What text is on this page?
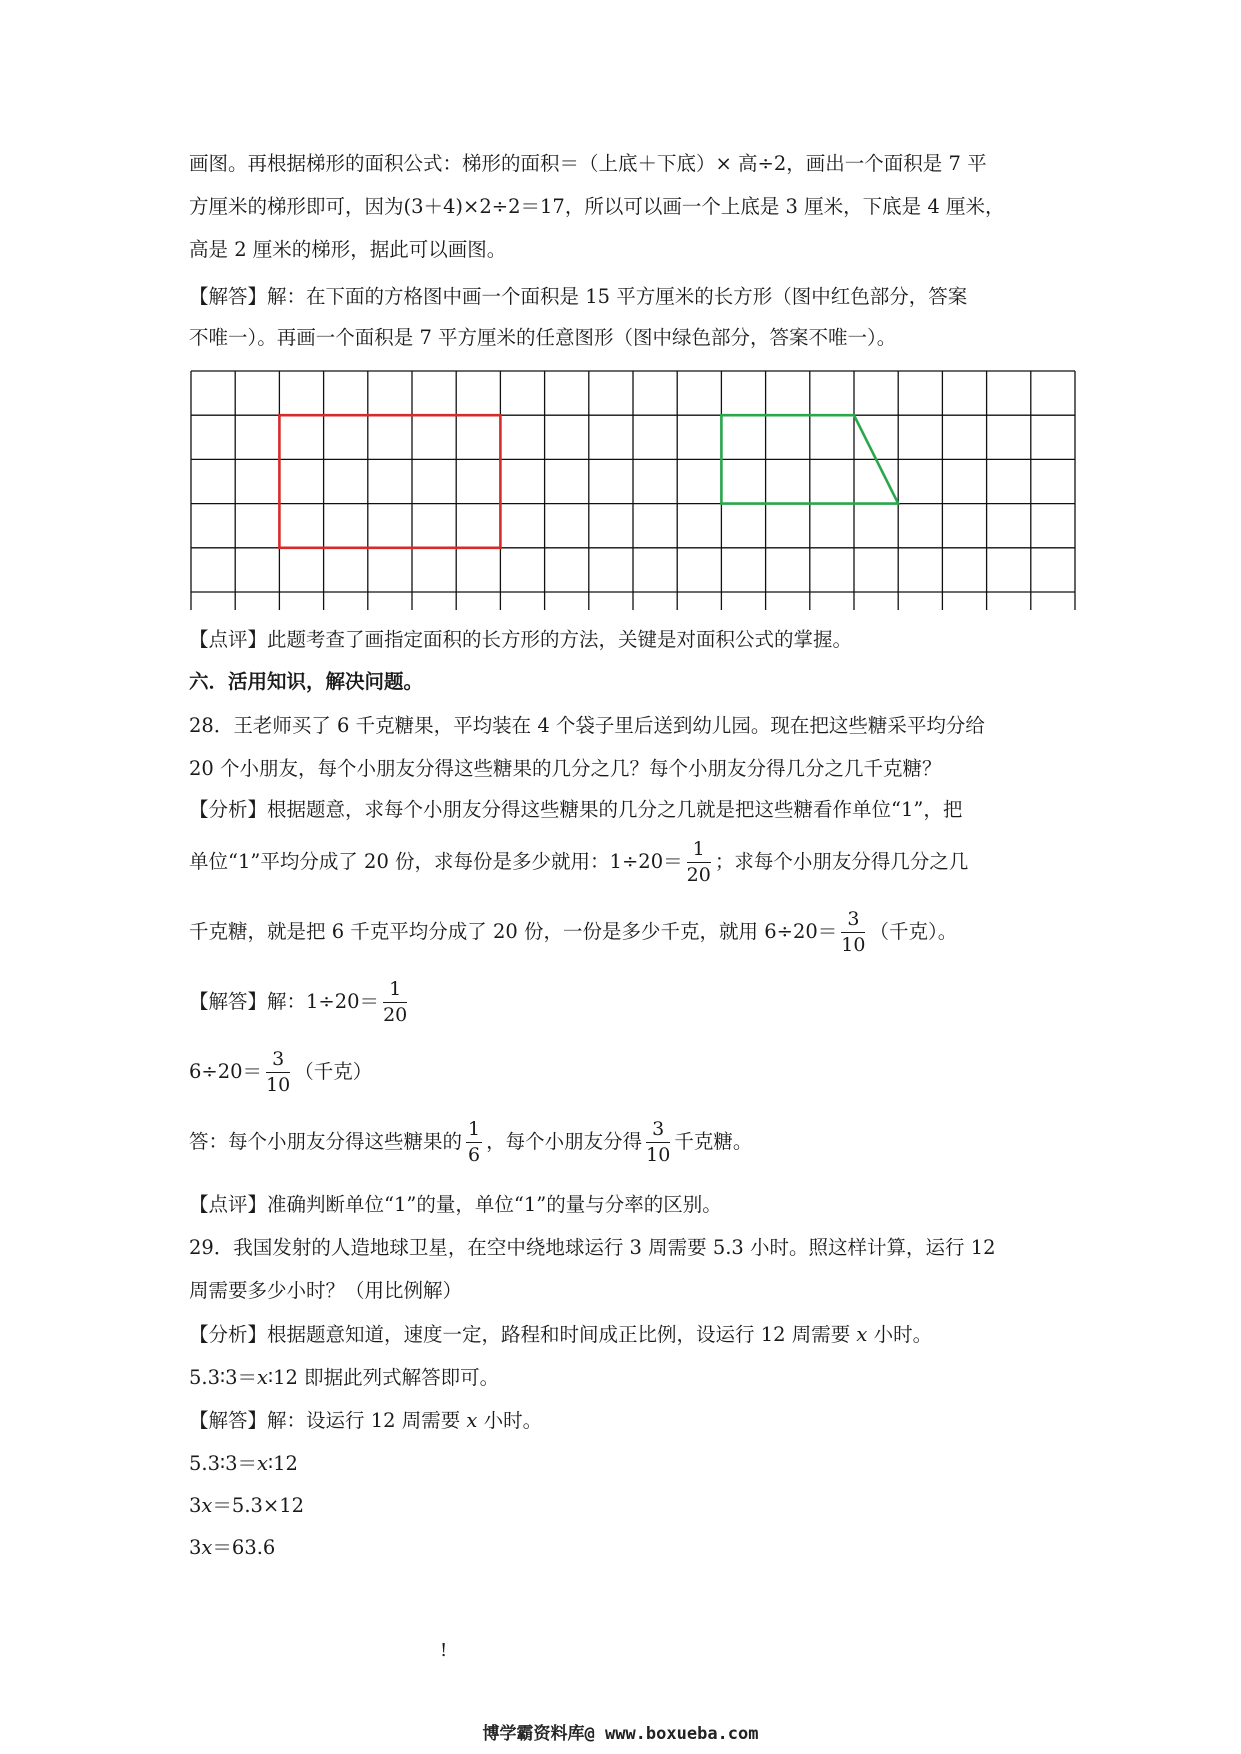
画图。再根据梯形的面积公式：梯形的面积＝（上底＋下底）× 高÷2，画出一个面积是 7 平
方厘米的梯形即可，因为(3＋4)×2÷2＝17，所以可以画一个上底是 3 厘米，下底是 4 厘米，
高是 2 厘米的梯形，据此可以画图。
【解答】解：在下面的方格图中画一个面积是 15 平方厘米的长方形（图中红色部分，答案
不唯一）。再画一个面积是 7 平方厘米的任意图形（图中绿色部分，答案不唯一）。
【点评】此题考查了画指定面积的长方形的方法，关键是对面积公式的掌握。
六．活用知识，解决问题。
28．王老师买了 6 千克糖果，平均装在 4 个袋子里后送到幼儿园。现在把这些糖采平均分给
20 个小朋友，每个小朋友分得这些糖果的几分之几？每个小朋友分得几分之几千克糖？
【分析】根据题意，求每个小朋友分得这些糖果的几分之几就是把这些糖看作单位“1”，把
单位“1”平均分成了 20 份，求每份是多少就用：$1\div 20= \frac{1}{20}$ ；求每个小朋友分得几分之几
千克糖，就是把 6 千克平均分成了 20 份，一份是多少千克，就用 $6\div 20= \frac{3}{10}$ （千克）。
【解答】解：$1\div 20= \frac{1}{20}$
$6\div 20= \frac{3}{10}$ （千克）
答：每个小朋友分得这些糖果的 $\frac{1}{6}$ ，每个小朋友分得 $\frac{3}{10}$ 千克糖。
【点评】准确判断单位“1”的量，单位“1”的量与分率的区别。
29．我国发射的人造地球卫星，在空中绕地球运行 3 周需要 5.3 小时。照这样计算，运行 12
周需要多少小时？（用比例解）
【分析】根据题意知道，速度一定，路程和时间成正比例，设运行 12 周需要 x 小时。
5.3∶3＝x∶12 即据此列式解答即可。
【解答】解：设运行 12 周需要 x 小时。
5.3∶3＝x∶12
3x＝5.3×12
3x＝63.6
!
博学霸资料库@ www.boxueba.com
